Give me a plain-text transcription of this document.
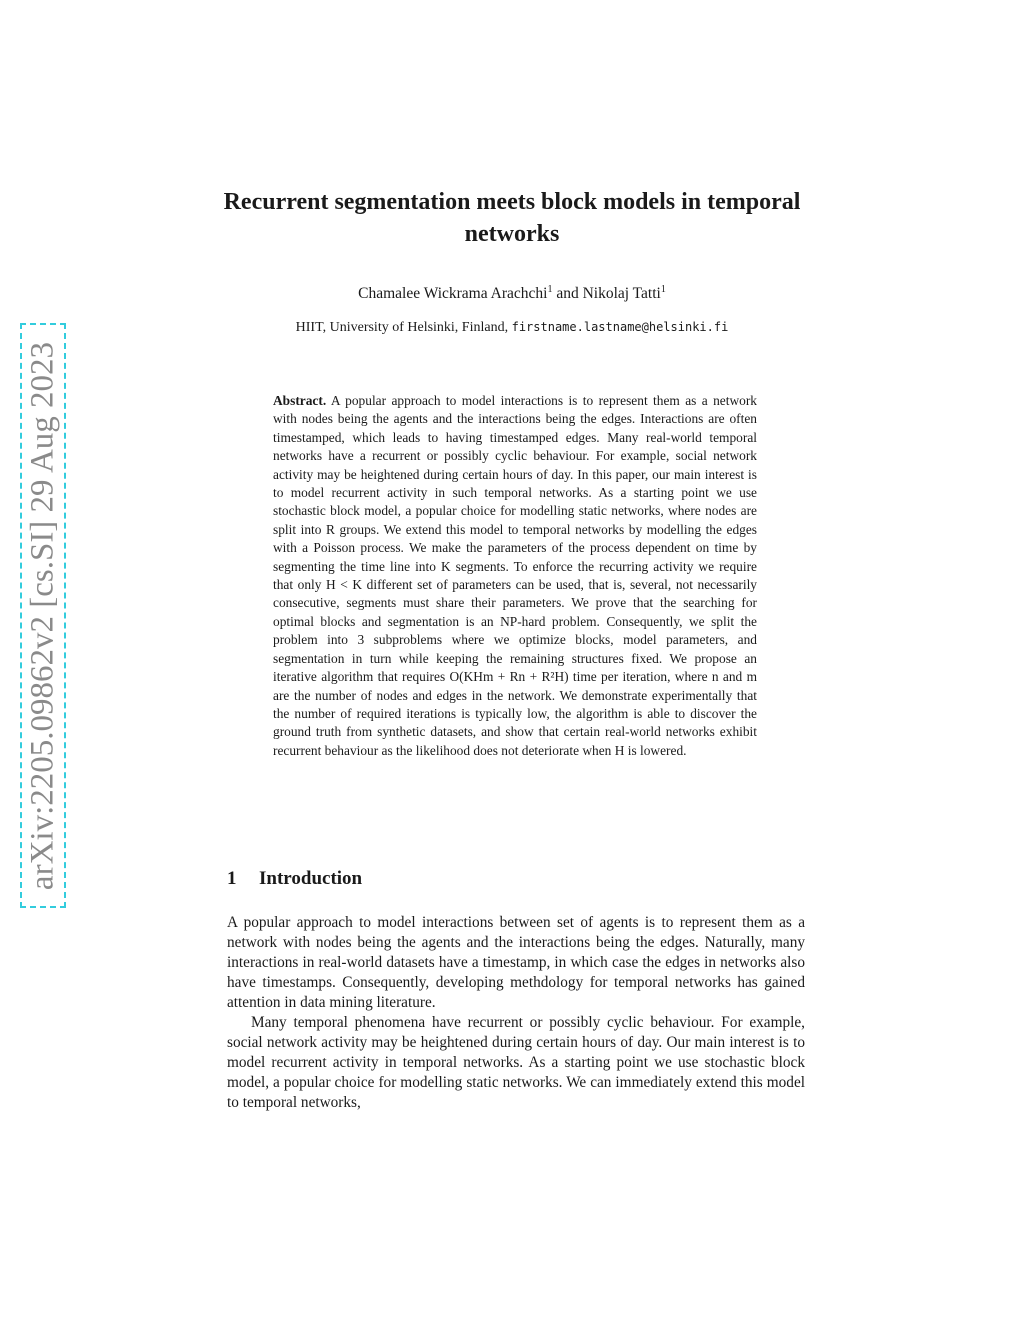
arXiv:2205.09862v2 [cs.SI] 29 Aug 2023
Recurrent segmentation meets block models in temporal networks
Chamalee Wickrama Arachchi$^1$ and Nikolaj Tatti$^1$
HIIT, University of Helsinki, Finland, firstname.lastname@helsinki.fi
Abstract. A popular approach to model interactions is to represent them as a network with nodes being the agents and the interactions being the edges. Interactions are often timestamped, which leads to having timestamped edges. Many real-world temporal networks have a recurrent or possibly cyclic behaviour. For example, social network activity may be heightened during certain hours of day. In this paper, our main interest is to model recurrent activity in such temporal networks. As a starting point we use stochastic block model, a popular choice for modelling static networks, where nodes are split into R groups. We extend this model to temporal networks by modelling the edges with a Poisson process. We make the parameters of the process dependent on time by segmenting the time line into K segments. To enforce the recurring activity we require that only H < K different set of parameters can be used, that is, several, not necessarily consecutive, segments must share their parameters. We prove that the searching for optimal blocks and segmentation is an NP-hard problem. Consequently, we split the problem into 3 subproblems where we optimize blocks, model parameters, and segmentation in turn while keeping the remaining structures fixed. We propose an iterative algorithm that requires O(KHm + Rn + R²H) time per iteration, where n and m are the number of nodes and edges in the network. We demonstrate experimentally that the number of required iterations is typically low, the algorithm is able to discover the ground truth from synthetic datasets, and show that certain real-world networks exhibit recurrent behaviour as the likelihood does not deteriorate when H is lowered.
1 Introduction

A popular approach to model interactions between set of agents is to represent them as a network with nodes being the agents and the interactions being the edges. Naturally, many interactions in real-world datasets have a timestamp, in which case the edges in networks also have timestamps. Consequently, developing methdology for temporal networks has gained attention in data mining literature.

Many temporal phenomena have recurrent or possibly cyclic behaviour. For example, social network activity may be heightened during certain hours of day. Our main interest is to model recurrent activity in temporal networks. As a starting point we use stochastic block model, a popular choice for modelling static networks. We can immediately extend this model to temporal networks,
